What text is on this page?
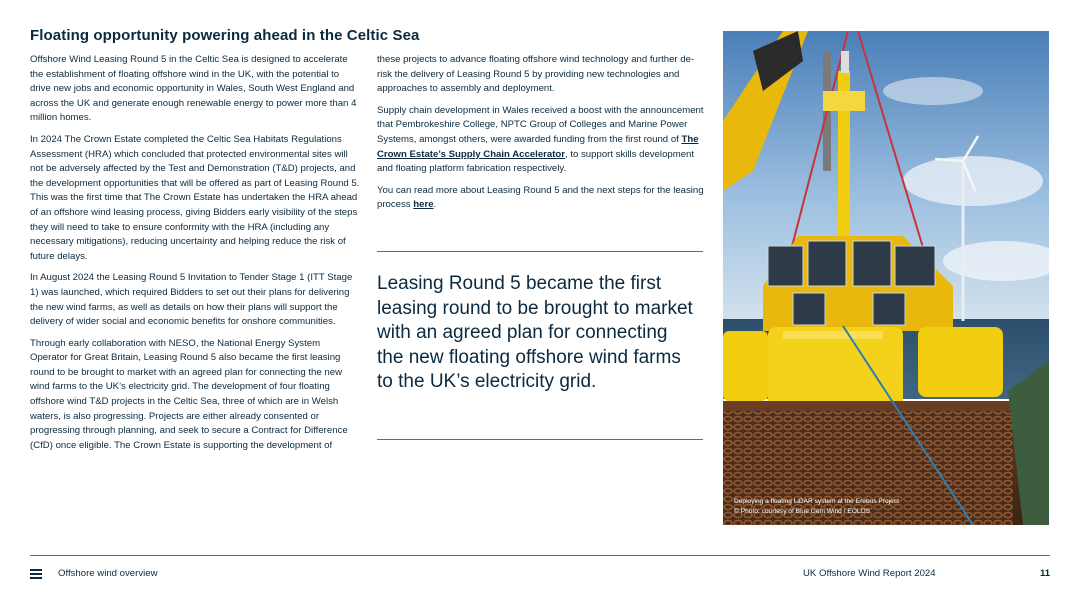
Floating opportunity powering ahead in the Celtic Sea

Offshore Wind Leasing Round 5 in the Celtic Sea is designed to accelerate the establishment of floating offshore wind in the UK, with the potential to drive new jobs and economic opportunity in Wales, South West England and across the UK and generate enough renewable energy to power more than 4 million homes.

In 2024 The Crown Estate completed the Celtic Sea Habitats Regulations Assessment (HRA) which concluded that protected environmental sites will not be adversely affected by the Test and Demonstration (T&D) projects, and the development opportunities that will be offered as part of Leasing Round 5. This was the first time that The Crown Estate has undertaken the HRA ahead of an offshore wind leasing process, giving Bidders early visibility of the steps they will need to take to ensure conformity with the HRA (including any necessary mitigations), reducing uncertainty and helping reduce the risk of future delays.

In August 2024 the Leasing Round 5 Invitation to Tender Stage 1 (ITT Stage 1) was launched, which required Bidders to set out their plans for delivering the new wind farms, as well as details on how their plans will support the delivery of wider social and economic benefits for onshore communities.

Through early collaboration with NESO, the National Energy System Operator for Great Britain, Leasing Round 5 also became the first leasing round to be brought to market with an agreed plan for connecting the new wind farms to the UK’s electricity grid. The development of four floating offshore wind T&D projects in the Celtic Sea, three of which are in Welsh waters, is also progressing. Projects are either already consented or progressing through planning, and seek to secure a Contract for Difference (CfD) once eligible. The Crown Estate is supporting the development of

these projects to advance floating offshore wind technology and further de-risk the delivery of Leasing Round 5 by providing new technologies and approaches to assembly and deployment.

Supply chain development in Wales received a boost with the announcement that Pembrokeshire College, NPTC Group of Colleges and Marine Power Systems, amongst others, were awarded funding from the first round of The Crown Estate’s Supply Chain Accelerator, to support skills development and floating platform fabrication respectively.

You can read more about Leasing Round 5 and the next steps for the leasing process here.

Leasing Round 5 became the first leasing round to be brought to market with an agreed plan for connecting the new floating offshore wind farms to the UK’s electricity grid.
Deploying a floating LiDAR system at the Erebus Project
© Photo: courtesy of Blue Gem Wind / EOLOS
Offshore wind overview	UK Offshore Wind Report 2024	11
